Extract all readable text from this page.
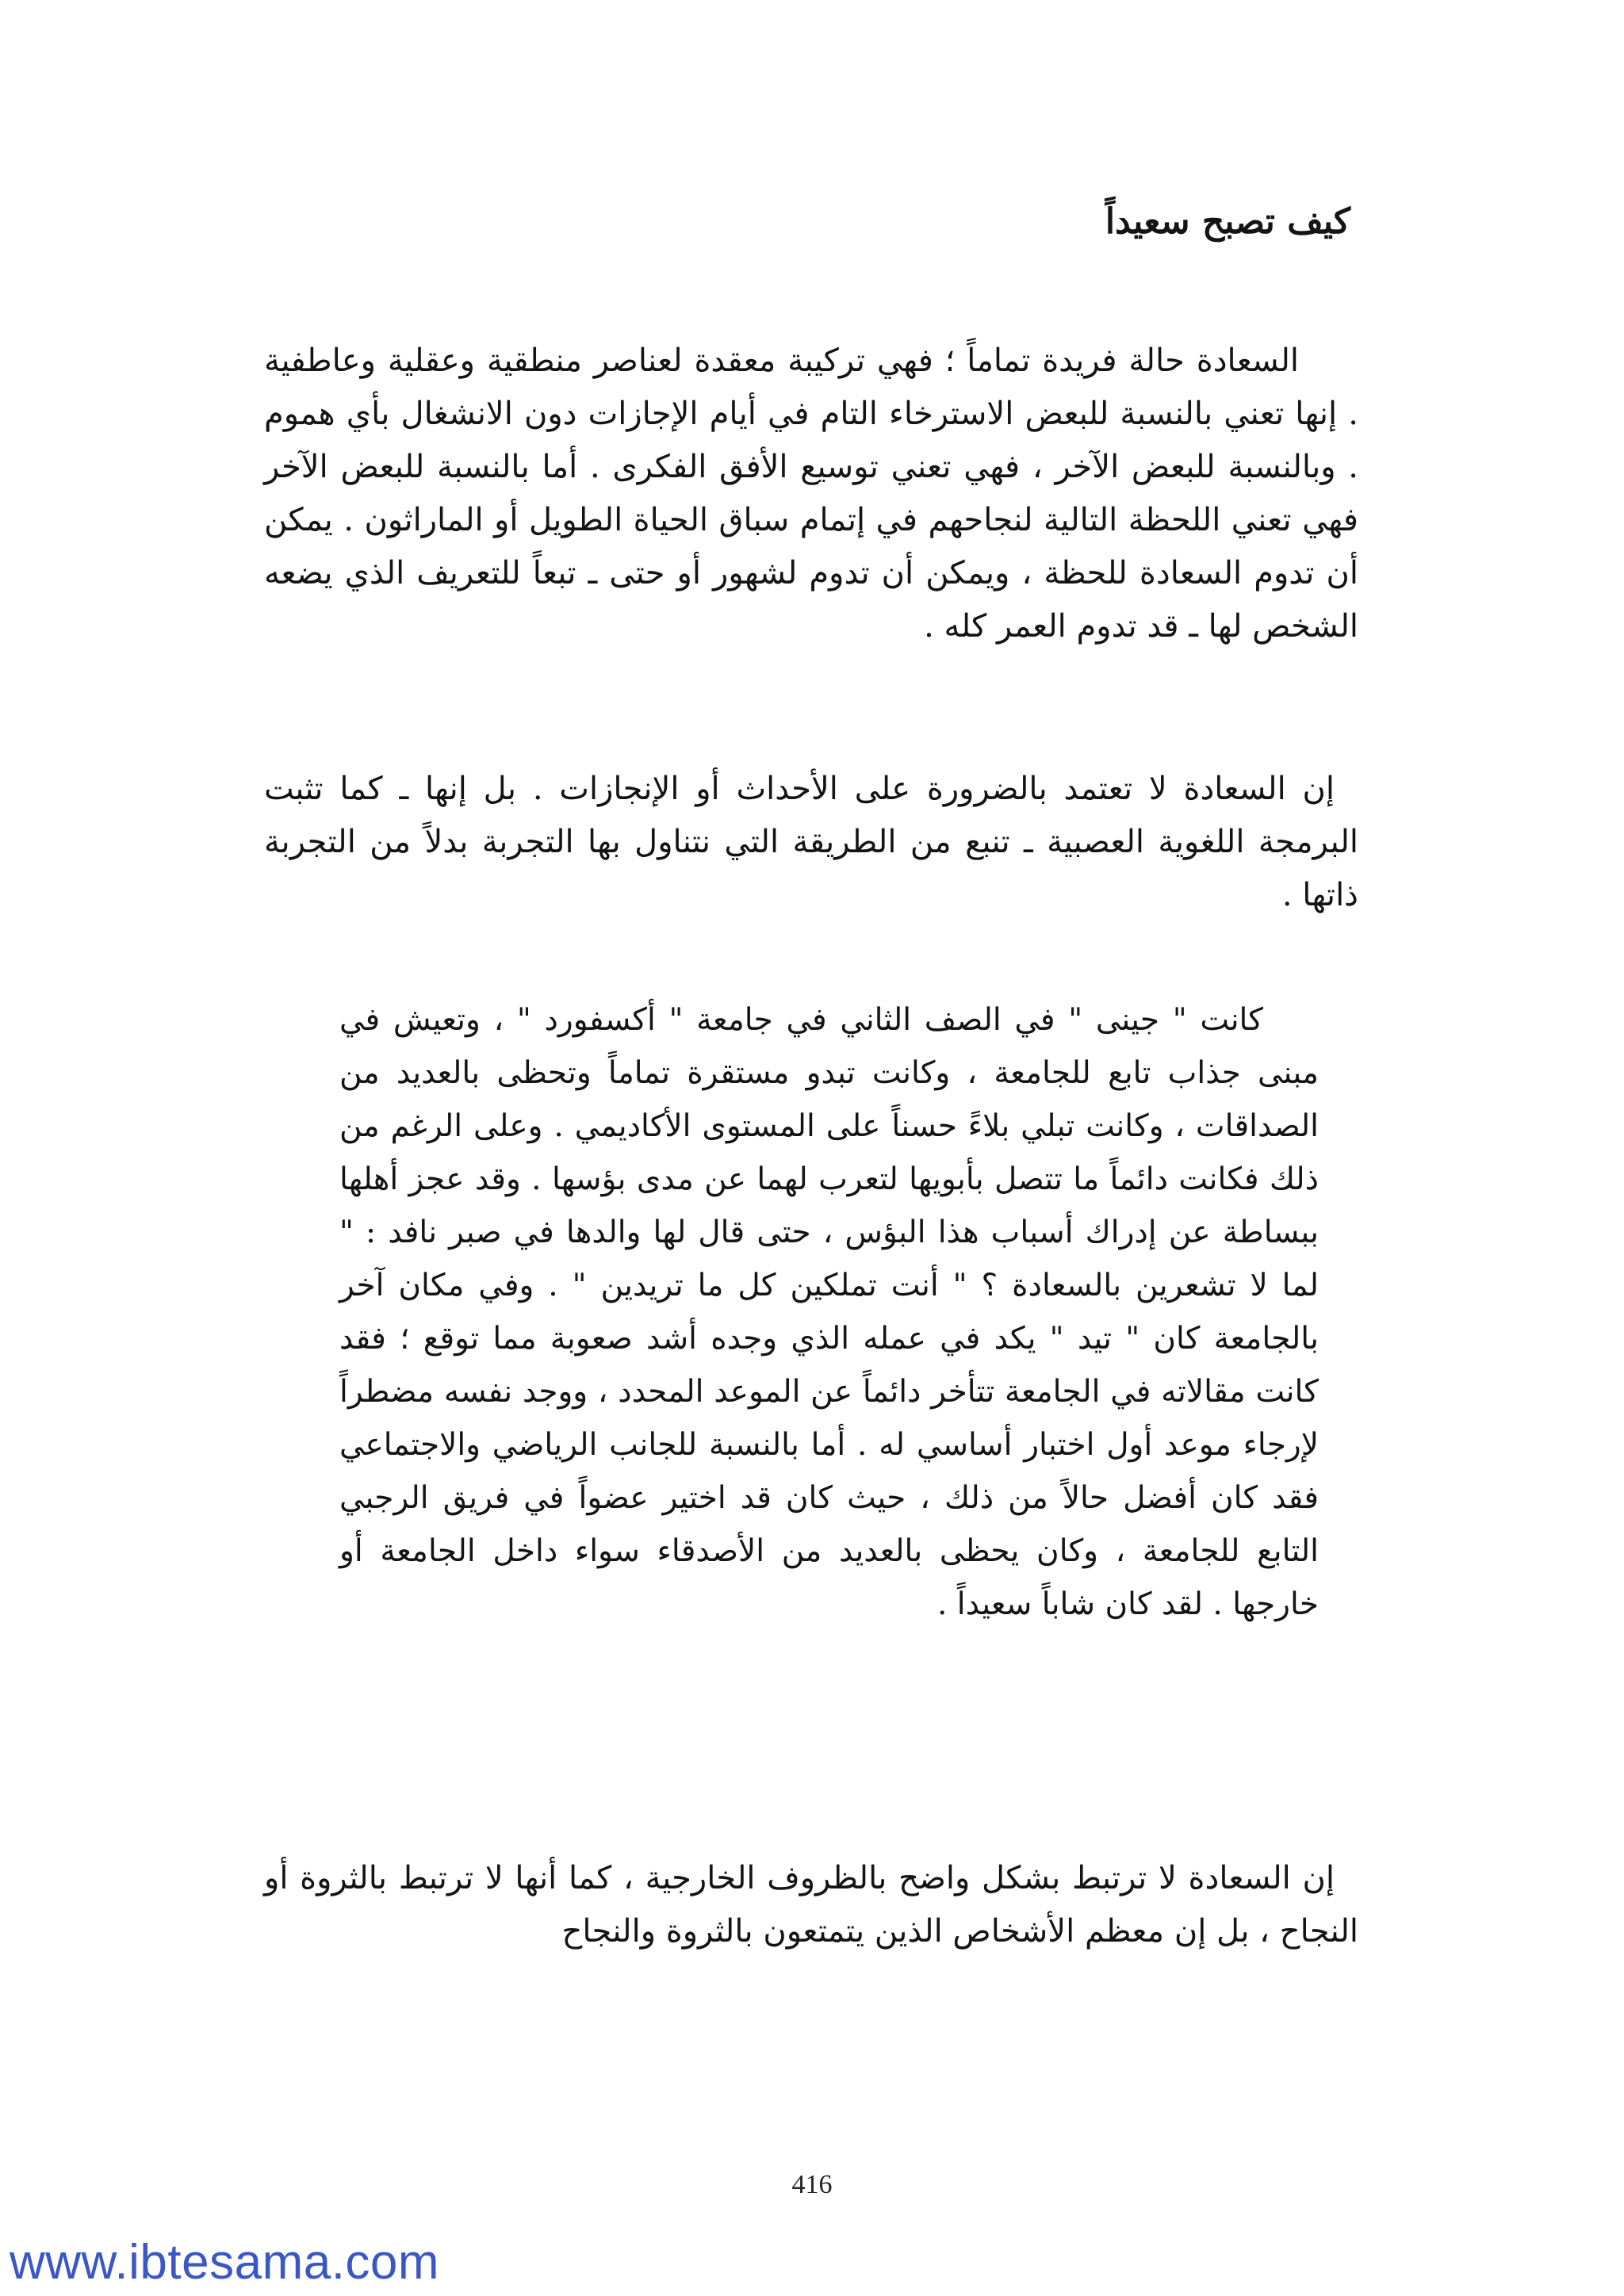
كيف تصبح سعيداً

السعادة حالة فريدة تماماً ؛ فهي تركيبة معقدة لعناصر منطقية وعقلية وعاطفية . إنها تعني بالنسبة للبعض الاسترخاء التام في أيام الإجازات دون الانشغال بأي هموم . وبالنسبة للبعض الآخر ، فهي تعني توسيع الأفق الفكرى . أما بالنسبة للبعض الآخر فهي تعني اللحظة التالية لنجاحهم في إتمام سباق الحياة الطويل أو الماراثون . يمكن أن تدوم السعادة للحظة ، ويمكن أن تدوم لشهور أو حتى ـ تبعاً للتعريف الذي يضعه الشخص لها ـ قد تدوم العمر كله .

إن السعادة لا تعتمد بالضرورة على الأحداث أو الإنجازات . بل إنها ـ كما تثبت البرمجة اللغوية العصبية ـ تنبع من الطريقة التي نتناول بها التجربة بدلاً من التجربة ذاتها .

كانت " جينى " في الصف الثاني في جامعة " أكسفورد " ، وتعيش في مبنى جذاب تابع للجامعة ، وكانت تبدو مستقرة تماماً وتحظى بالعديد من الصداقات ، وكانت تبلي بلاءً حسناً على المستوى الأكاديمي . وعلى الرغم من ذلك فكانت دائماً ما تتصل بأبويها لتعرب لهما عن مدى بؤسها . وقد عجز أهلها ببساطة عن إدراك أسباب هذا البؤس ، حتى قال لها والدها في صبر نافد : " لما لا تشعرين بالسعادة ؟ " أنت تملكين كل ما تريدين " . وفي مكان آخر بالجامعة كان " تيد " يكد في عمله الذي وجده أشد صعوبة مما توقع ؛ فقد كانت مقالاته في الجامعة تتأخر دائماً عن الموعد المحدد ، ووجد نفسه مضطراً لإرجاء موعد أول اختبار أساسي له . أما بالنسبة للجانب الرياضي والاجتماعي فقد كان أفضل حالاً من ذلك ، حيث كان قد اختير عضواً في فريق الرجبي التابع للجامعة ، وكان يحظى بالعديد من الأصدقاء سواء داخل الجامعة أو خارجها . لقد كان شاباً سعيداً .

إن السعادة لا ترتبط بشكل واضح بالظروف الخارجية ، كما أنها لا ترتبط بالثروة أو النجاح ، بل إن معظم الأشخاص الذين يتمتعون بالثروة والنجاح

416
www.ibtesama.com
